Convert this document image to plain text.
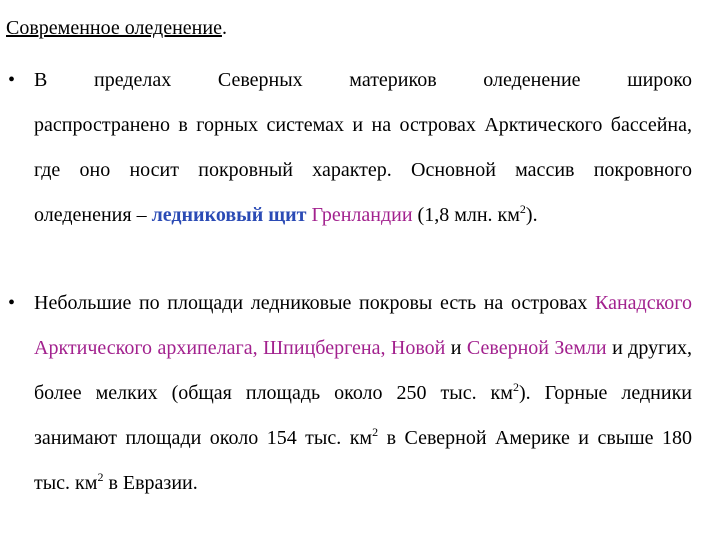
Современное оледенение.
• В пределах Северных материков оледенение широко
распространено в горных системах и на островах Арктического бассейна, где оно носит покровный характер. Основной массив покровного оледенения – ледниковый щит Гренландии (1,8 млн. $км^2$).
• Небольшие по площади ледниковые покровы есть на островах Канадского Арктического архипелага, Шпицбергена, Новой и Северной Земли и других, более мелких (общая площадь около 250 тыс. $км^2$). Горные ледники занимают площади около 154 тыс. $км^2$ в Северной Америке и свыше 180 тыс. $км^2$ в Евразии.
